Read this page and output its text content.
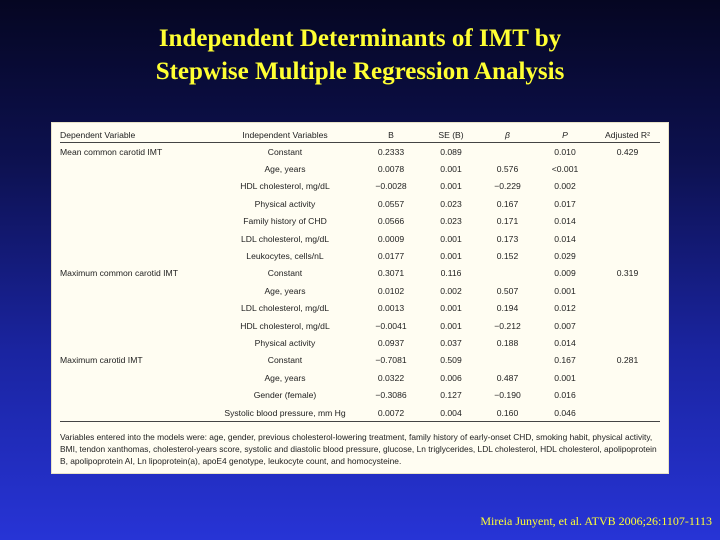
Independent Determinants of IMT by
Stepwise Multiple Regression Analysis
Dependent Variable	Independent Variables	B	SE (B)	β	P	Adjusted R²
Mean common carotid IMT	Constant	0.2333	0.089		0.010	0.429
	Age, years	0.0078	0.001	0.576	<0.001	
	HDL cholesterol, mg/dL	−0.0028	0.001	−0.229	0.002	
	Physical activity	0.0557	0.023	0.167	0.017	
	Family history of CHD	0.0566	0.023	0.171	0.014	
	LDL cholesterol, mg/dL	0.0009	0.001	0.173	0.014	
	Leukocytes, cells/nL	0.0177	0.001	0.152	0.029	
Maximum common carotid IMT	Constant	0.3071	0.116		0.009	0.319
	Age, years	0.0102	0.002	0.507	0.001	
	LDL cholesterol, mg/dL	0.0013	0.001	0.194	0.012	
	HDL cholesterol, mg/dL	−0.0041	0.001	−0.212	0.007	
	Physical activity	0.0937	0.037	0.188	0.014	
Maximum carotid IMT	Constant	−0.7081	0.509		0.167	0.281
	Age, years	0.0322	0.006	0.487	0.001	
	Gender (female)	−0.3086	0.127	−0.190	0.016	
	Systolic blood pressure, mm Hg	0.0072	0.004	0.160	0.046	
Variables entered into the models were: age, gender, previous cholesterol-lowering treatment, family history of early-onset CHD, smoking habit, physical activity, BMI, tendon xanthomas, cholesterol-years score, systolic and diastolic blood pressure, glucose, Ln triglycerides, LDL cholesterol, HDL cholesterol, apolipoprotein B, apolipoprotein AI, Ln lipoprotein(a), apoE4 genotype, leukocyte count, and homocysteine.
Mireia Junyent, et al. ATVB 2006;26:1107-1113
